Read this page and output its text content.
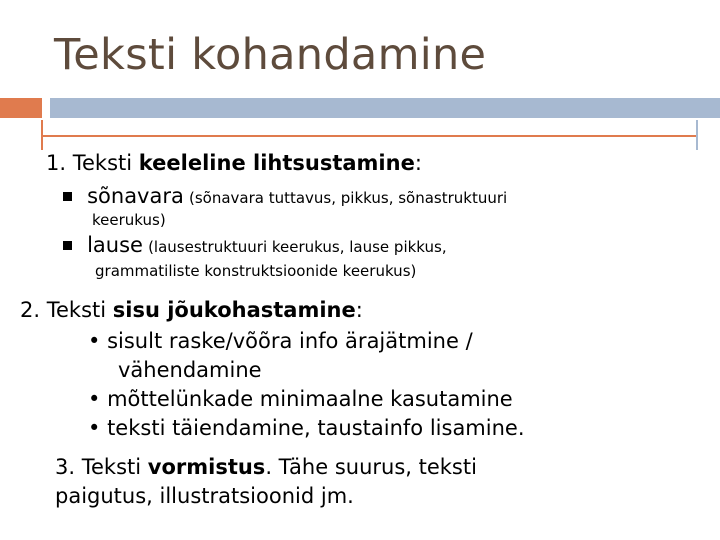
Teksti kohandamine
1. Teksti keeleline lihtsustamine:
sõnavara (sõnavara tuttavus, pikkus, sõnastruktuuri
keerukus)
lause (lausestruktuuri keerukus, lause pikkus,
grammatiliste konstruktsioonide keerukus)
2. Teksti sisu jõukohastamine:
• sisult raske/võõra info ärajätmine /
vähendamine
• mõttelünkade minimaalne kasutamine
• teksti täiendamine, taustainfo lisamine.
3. Teksti vormistus. Tähe suurus, teksti
paigutus, illustratsioonid jm.
